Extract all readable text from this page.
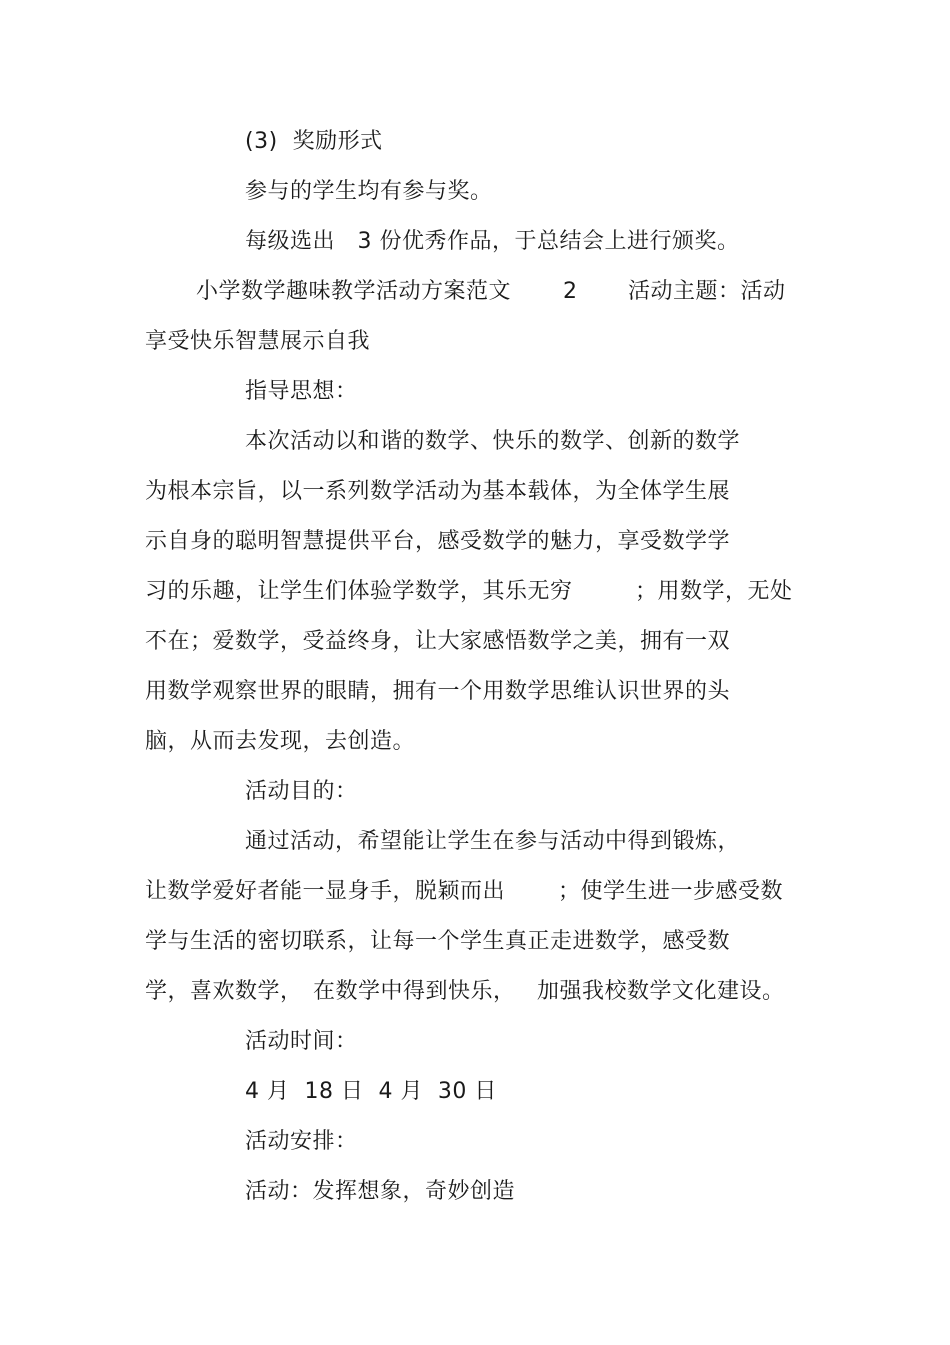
(3)  奖励形式
参与的学生均有参与奖。
每级选出   3 份优秀作品，于总结会上进行颁奖。
小学数学趣味教学活动方案范文 2 活动主题：活动
享受快乐智慧展示自我
指导思想：
本次活动以和谐的数学、快乐的数学、创新的数学
为根本宗旨，以一系列数学活动为基本载体，为全体学生展
示自身的聪明智慧提供平台，感受数学的魅力，享受数学学
习的乐趣，让学生们体验学数学，其乐无穷	；用数学，无处
不在；爱数学，受益终身，让大家感悟数学之美，拥有一双
用数学观察世界的眼睛，拥有一个用数学思维认识世界的头
脑，从而去发现，去创造。
活动目的：
通过活动，希望能让学生在参与活动中得到锻炼，
让数学爱好者能一显身手，脱颖而出 ；使学生进一步感受数
学与生活的密切联系，让每一个学生真正走进数学，感受数
学，喜欢数学， 在数学中得到快乐， 加强我校数学文化建设。
活动时间：
4 月  18 日  4 月  30 日
活动安排：
活动：发挥想象，奇妙创造
